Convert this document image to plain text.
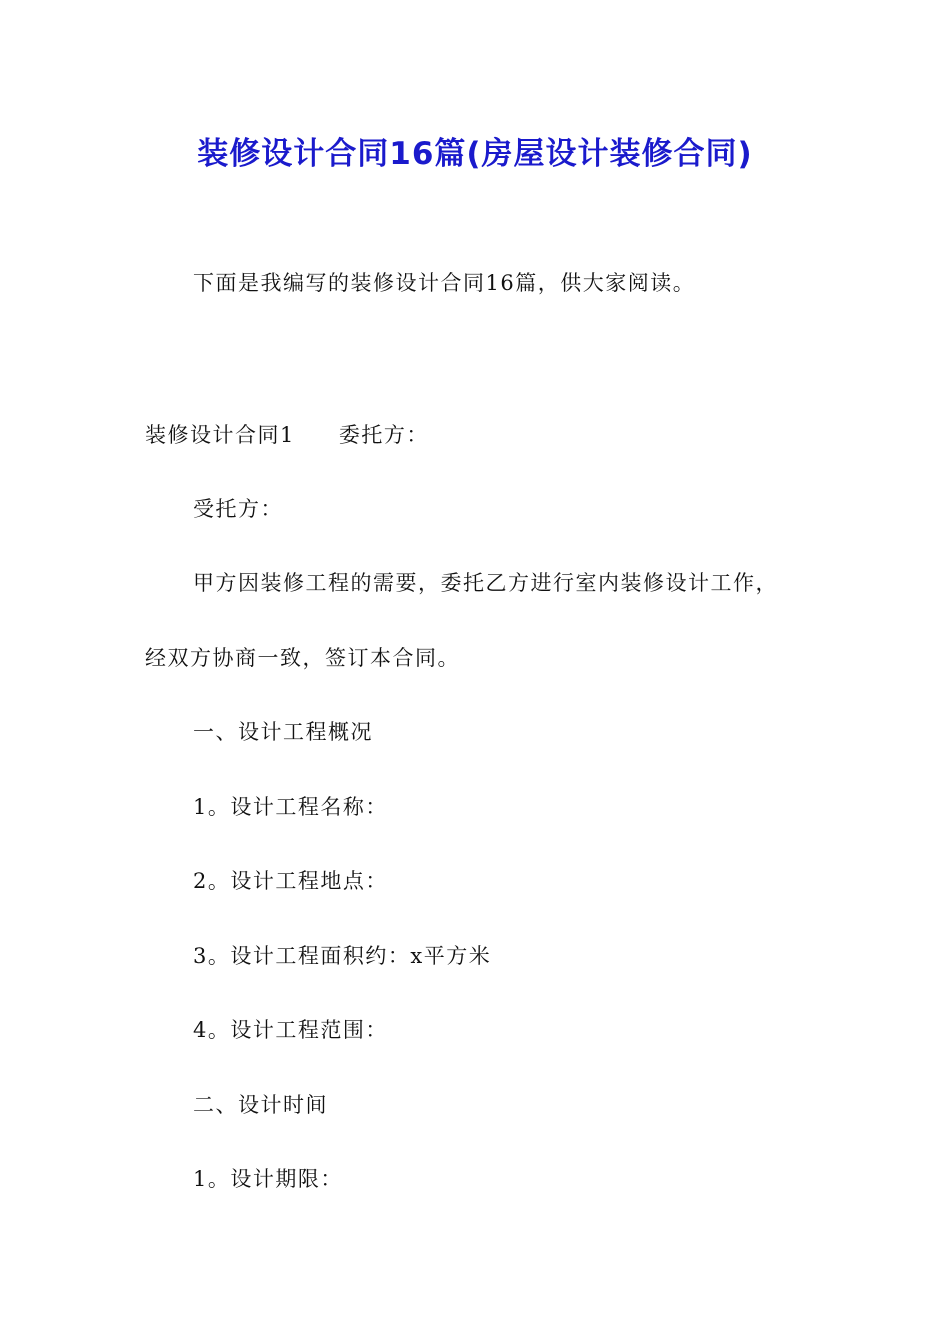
装修设计合同16篇(房屋设计装修合同)
下面是我编写的装修设计合同16篇，供大家阅读。
装修设计合同1 委托方：
受托方：
甲方因装修工程的需要，委托乙方进行室内装修设计工作，
经双方协商一致，签订本合同。
一、设计工程概况
1。设计工程名称：
2。设计工程地点：
3。设计工程面积约：x平方米
4。设计工程范围：
二、设计时间
1。设计期限：
